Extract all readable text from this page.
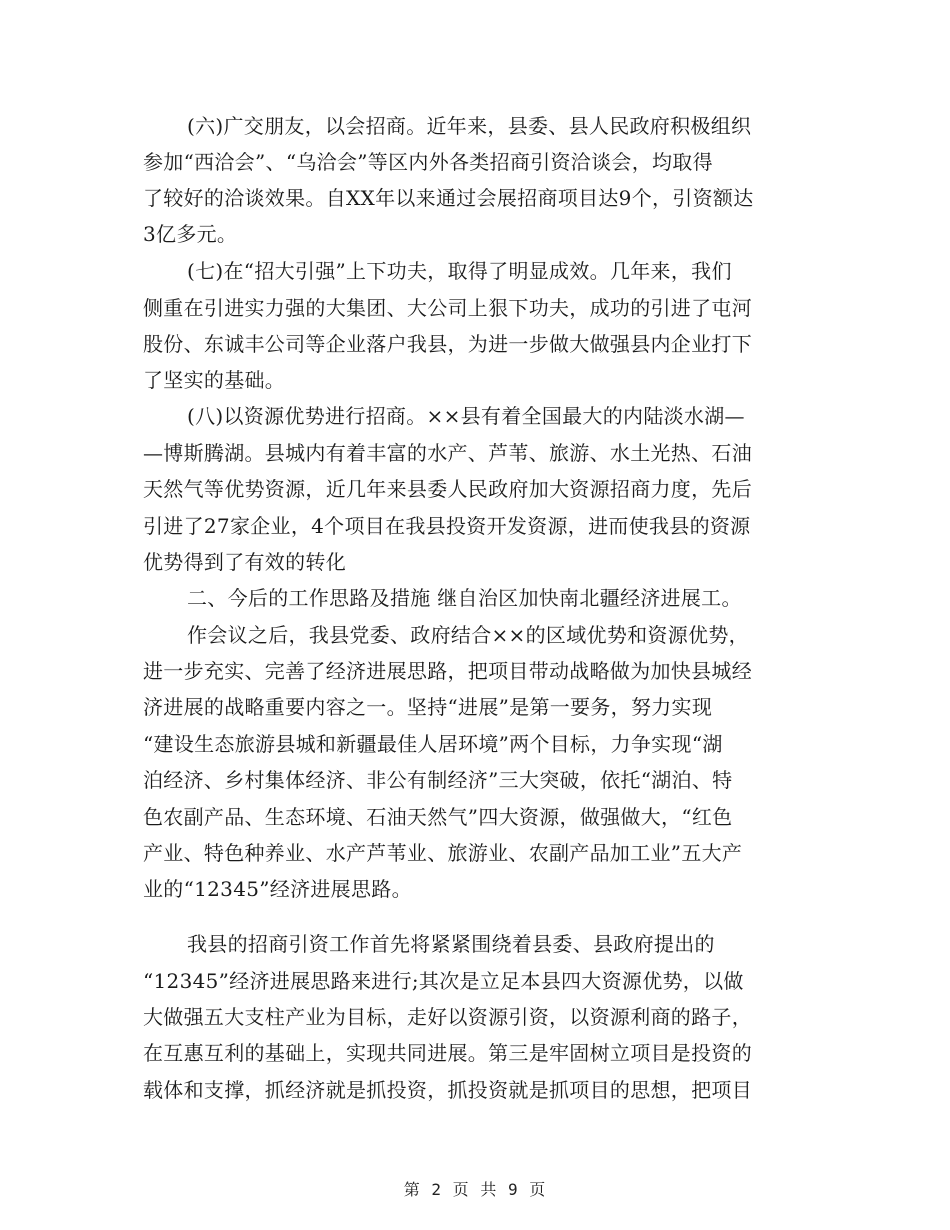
(六)广交朋友，以会招商。近年来，县委、县人民政府积极组织
参加“西洽会”、“乌洽会”等区内外各类招商引资洽谈会，均取得
了较好的洽谈效果。自XX年以来通过会展招商项目达9个，引资额达
3亿多元。
(七)在“招大引强”上下功夫，取得了明显成效。几年来，我们
侧重在引进实力强的大集团、大公司上狠下功夫，成功的引进了屯河
股份、东诚丰公司等企业落户我县，为进一步做大做强县内企业打下
了坚实的基础。
(八)以资源优势进行招商。××县有着全国最大的内陆淡水湖—
—博斯腾湖。县城内有着丰富的水产、芦苇、旅游、水土光热、石油
天然气等优势资源，近几年来县委人民政府加大资源招商力度，先后
引进了27家企业，4个项目在我县投资开发资源，进而使我县的资源
优势得到了有效的转化
二、今后的工作思路及措施 继自治区加快南北疆经济进展工。
作会议之后，我县党委、政府结合××的区域优势和资源优势，
进一步充实、完善了经济进展思路，把项目带动战略做为加快县城经
济进展的战略重要内容之一。坚持“进展”是第一要务，努力实现
“建设生态旅游县城和新疆最佳人居环境”两个目标，力争实现“湖
泊经济、乡村集体经济、非公有制经济”三大突破，依托“湖泊、特
色农副产品、生态环境、石油天然气”四大资源，做强做大，“红色
产业、特色种养业、水产芦苇业、旅游业、农副产品加工业”五大产
业的“12345”经济进展思路。
我县的招商引资工作首先将紧紧围绕着县委、县政府提出的
“12345”经济进展思路来进行;其次是立足本县四大资源优势，以做
大做强五大支柱产业为目标，走好以资源引资，以资源利商的路子，
在互惠互利的基础上，实现共同进展。第三是牢固树立项目是投资的
载体和支撑，抓经济就是抓投资，抓投资就是抓项目的思想，把项目
第 2 页 共 9 页
